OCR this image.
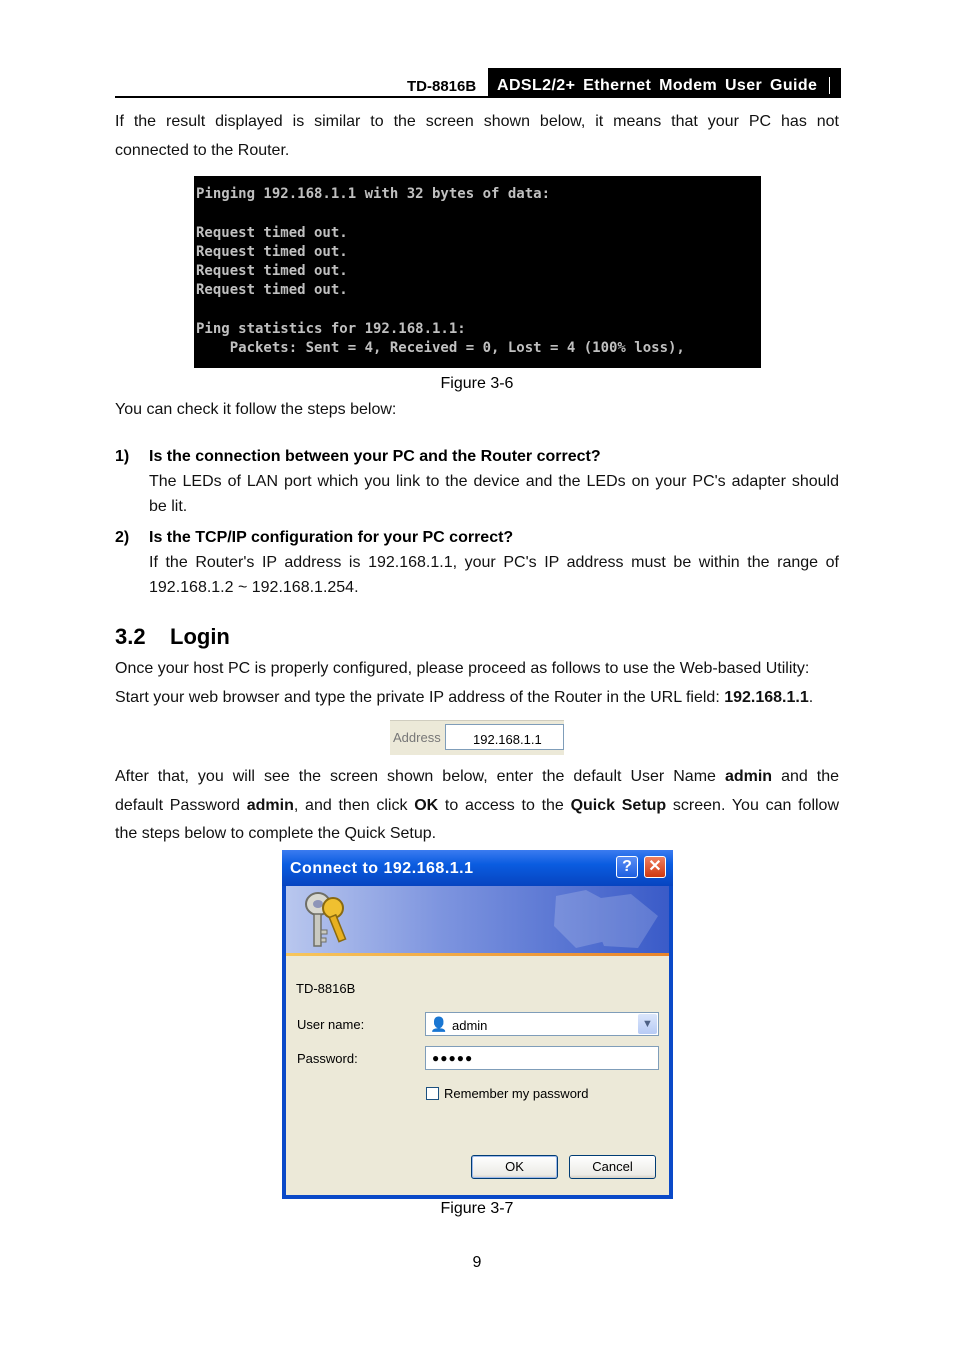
TD-8816B ADSL2/2+ Ethernet Modem User Guide
If the result displayed is similar to the screen shown below, it means that your PC has not
connected to the Router.
Pinging 192.168.1.1 with 32 bytes of data:
Request timed out.
Request timed out.
Request timed out.
Request timed out.
Ping statistics for 192.168.1.1:
Packets: Sent = 4, Received = 0, Lost = 4 (100% loss),
Figure 3-6
You can check it follow the steps below:
1) Is the connection between your PC and the Router correct?
The LEDs of LAN port which you link to the device and the LEDs on your PC's adapter should
be lit.
2) Is the TCP/IP configuration for your PC correct?
If the Router's IP address is 192.168.1.1, your PC's IP address must be within the range of
192.168.1.2 ~ 192.168.1.254.
3.2 Login
Once your host PC is properly configured, please proceed as follows to use the Web-based Utility:
Start your web browser and type the private IP address of the Router in the URL field: 192.168.1.1.
Address 192.168.1.1
After that, you will see the screen shown below, enter the default User Name admin and the
default Password admin, and then click OK to access to the Quick Setup screen. You can follow
the steps below to complete the Quick Setup.
Connect to 192.168.1.1	?	✕
TD-8816B
User name:	👤 admin	▼
Password:	●●●●●
Remember my password
OK	Cancel
Figure 3-7
9
